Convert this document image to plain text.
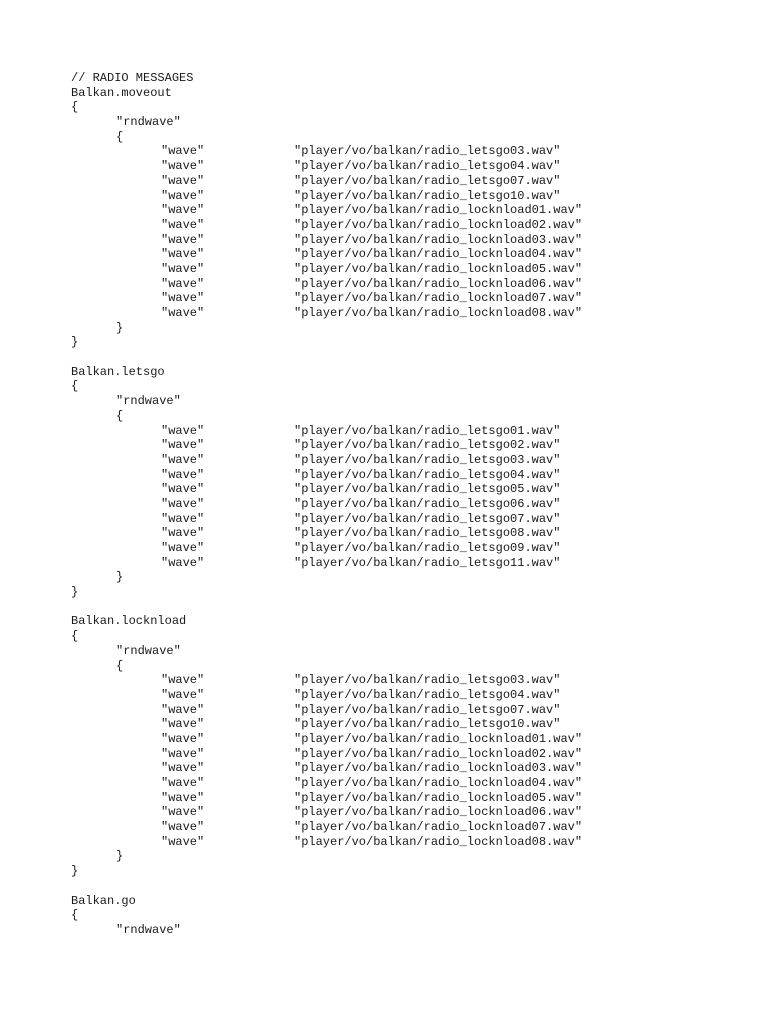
// RADIO MESSAGES
Balkan.moveout
{
"rndwave"
{
"wave"	"player/vo/balkan/radio_letsgo03.wav"
"wave"	"player/vo/balkan/radio_letsgo04.wav"
"wave"	"player/vo/balkan/radio_letsgo07.wav"
"wave"	"player/vo/balkan/radio_letsgo10.wav"
"wave"	"player/vo/balkan/radio_locknload01.wav"
"wave"	"player/vo/balkan/radio_locknload02.wav"
"wave"	"player/vo/balkan/radio_locknload03.wav"
"wave"	"player/vo/balkan/radio_locknload04.wav"
"wave"	"player/vo/balkan/radio_locknload05.wav"
"wave"	"player/vo/balkan/radio_locknload06.wav"
"wave"	"player/vo/balkan/radio_locknload07.wav"
"wave"	"player/vo/balkan/radio_locknload08.wav"
}
}
Balkan.letsgo
{
"rndwave"
{
"wave"	"player/vo/balkan/radio_letsgo01.wav"
"wave"	"player/vo/balkan/radio_letsgo02.wav"
"wave"	"player/vo/balkan/radio_letsgo03.wav"
"wave"	"player/vo/balkan/radio_letsgo04.wav"
"wave"	"player/vo/balkan/radio_letsgo05.wav"
"wave"	"player/vo/balkan/radio_letsgo06.wav"
"wave"	"player/vo/balkan/radio_letsgo07.wav"
"wave"	"player/vo/balkan/radio_letsgo08.wav"
"wave"	"player/vo/balkan/radio_letsgo09.wav"
"wave"	"player/vo/balkan/radio_letsgo11.wav"
}
}
Balkan.locknload
{
"rndwave"
{
"wave"	"player/vo/balkan/radio_letsgo03.wav"
"wave"	"player/vo/balkan/radio_letsgo04.wav"
"wave"	"player/vo/balkan/radio_letsgo07.wav"
"wave"	"player/vo/balkan/radio_letsgo10.wav"
"wave"	"player/vo/balkan/radio_locknload01.wav"
"wave"	"player/vo/balkan/radio_locknload02.wav"
"wave"	"player/vo/balkan/radio_locknload03.wav"
"wave"	"player/vo/balkan/radio_locknload04.wav"
"wave"	"player/vo/balkan/radio_locknload05.wav"
"wave"	"player/vo/balkan/radio_locknload06.wav"
"wave"	"player/vo/balkan/radio_locknload07.wav"
"wave"	"player/vo/balkan/radio_locknload08.wav"
}
}
Balkan.go
{
"rndwave"
